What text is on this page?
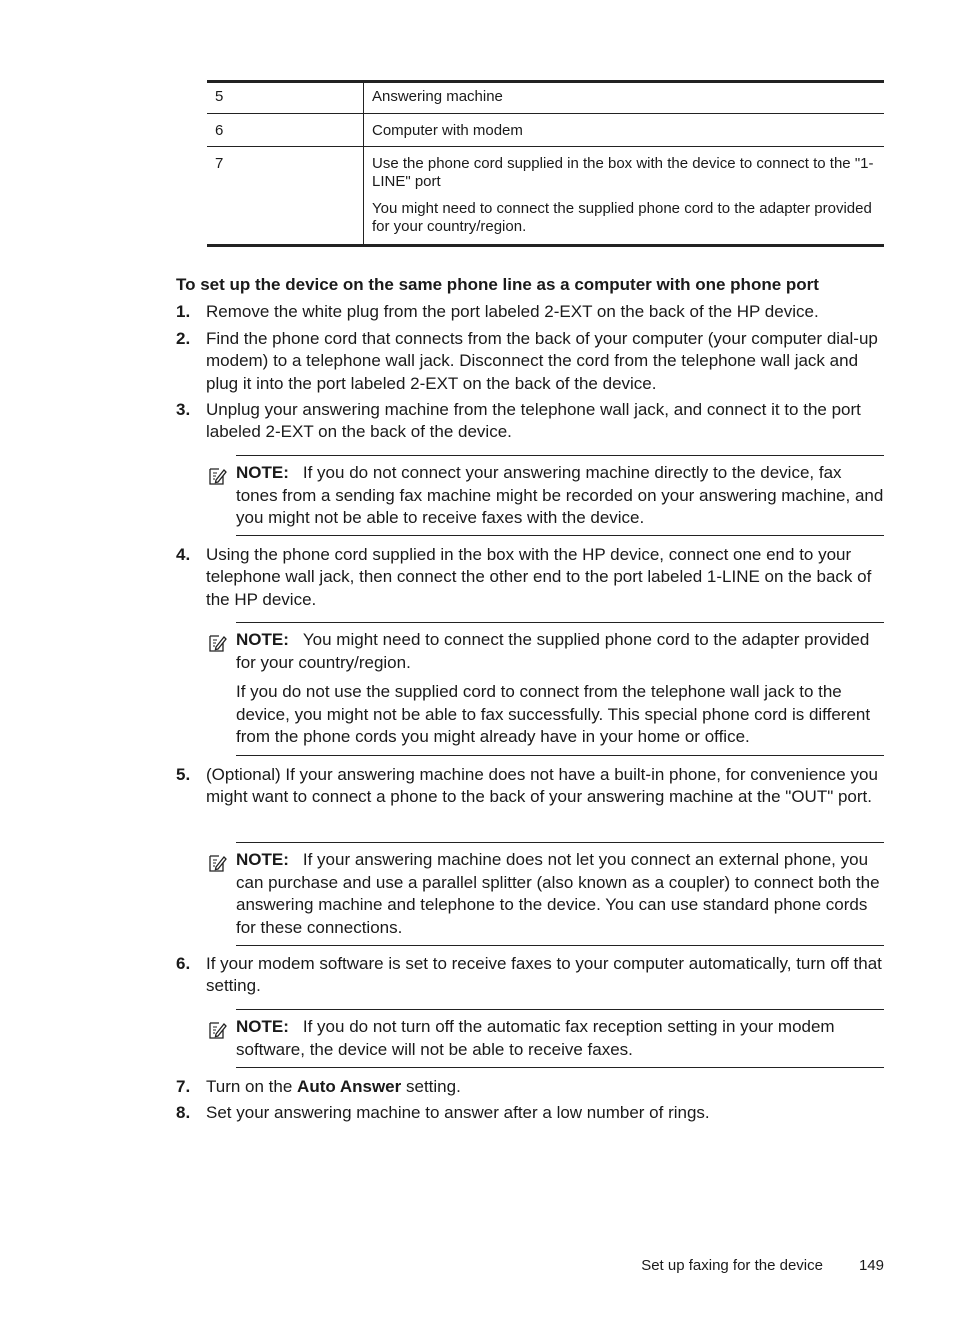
5	Answering machine

6	Computer with modem

7	Use the phone cord supplied in the box with the device to connect to the "1-LINE" port

You might need to connect the supplied phone cord to the adapter provided for your country/region.

To set up the device on the same phone line as a computer with one phone port
1. Remove the white plug from the port labeled 2-EXT on the back of the HP device.
2. Find the phone cord that connects from the back of your computer (your computer dial-up modem) to a telephone wall jack. Disconnect the cord from the telephone wall jack and plug it into the port labeled 2-EXT on the back of the device.
3. Unplug your answering machine from the telephone wall jack, and connect it to the port labeled 2-EXT on the back of the device.
NOTE: If you do not connect your answering machine directly to the device, fax tones from a sending fax machine might be recorded on your answering machine, and you might not be able to receive faxes with the device.
4. Using the phone cord supplied in the box with the HP device, connect one end to your telephone wall jack, then connect the other end to the port labeled 1-LINE on the back of the HP device.
NOTE: You might need to connect the supplied phone cord to the adapter provided for your country/region.
If you do not use the supplied cord to connect from the telephone wall jack to the device, you might not be able to fax successfully. This special phone cord is different from the phone cords you might already have in your home or office.
5. (Optional) If your answering machine does not have a built-in phone, for convenience you might want to connect a phone to the back of your answering machine at the "OUT" port.
NOTE: If your answering machine does not let you connect an external phone, you can purchase and use a parallel splitter (also known as a coupler) to connect both the answering machine and telephone to the device. You can use standard phone cords for these connections.
6. If your modem software is set to receive faxes to your computer automatically, turn off that setting.
NOTE: If you do not turn off the automatic fax reception setting in your modem software, the device will not be able to receive faxes.
7. Turn on the Auto Answer setting.
8. Set your answering machine to answer after a low number of rings.
Set up faxing for the device 149
